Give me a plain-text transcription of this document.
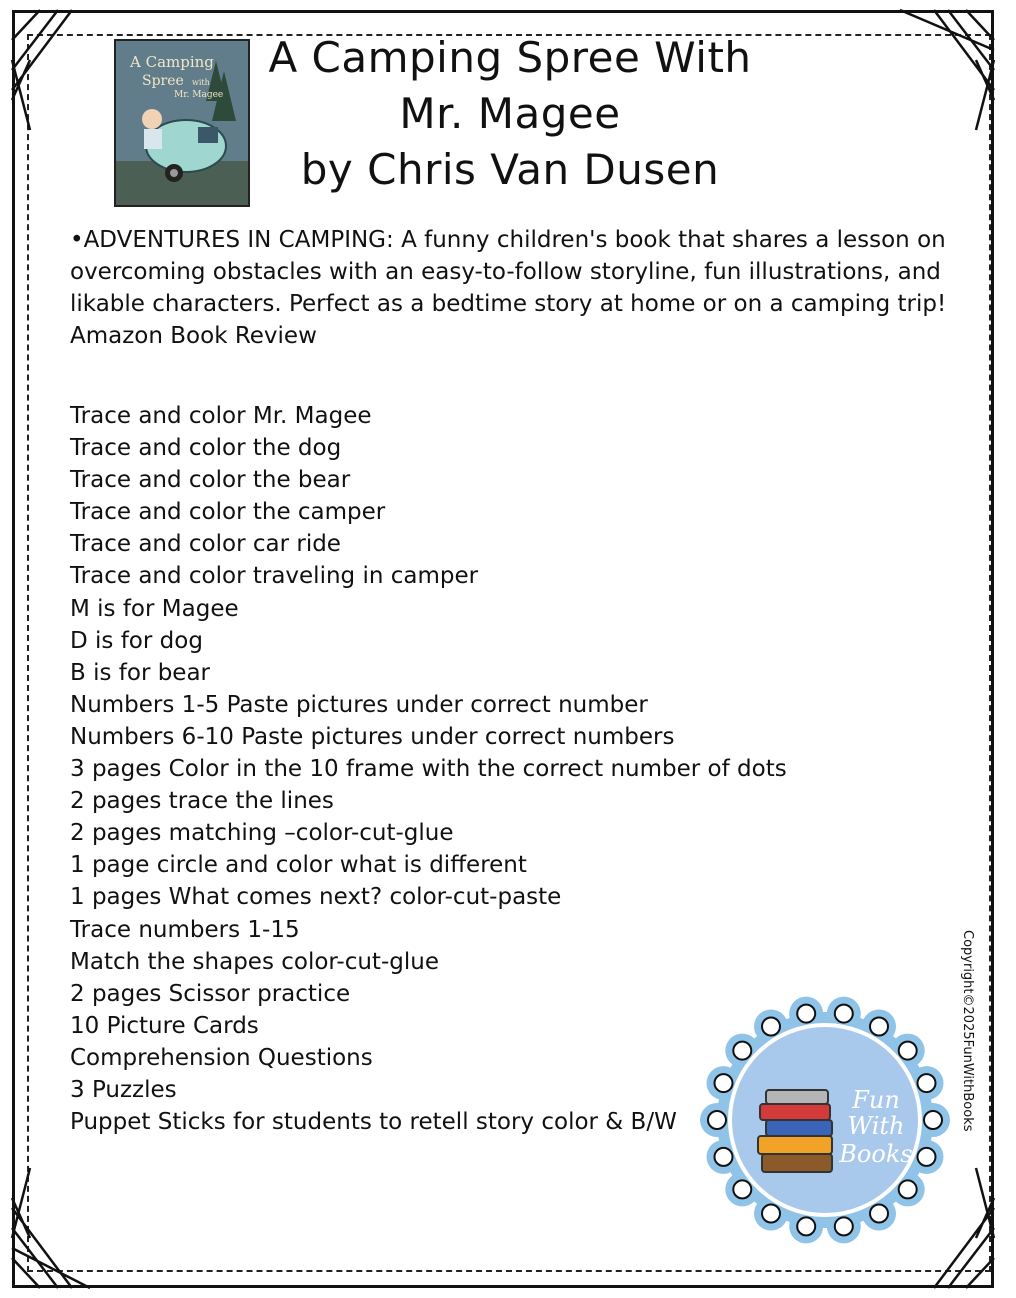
A Camping
Spree with
Mr. Magee
A Camping Spree With
Mr. Magee
by Chris Van Dusen
•ADVENTURES IN CAMPING: A funny children's book that shares a lesson on overcoming obstacles with an easy-to-follow storyline, fun illustrations, and likable characters. Perfect as a bedtime story at home or on a camping trip! Amazon Book Review
Trace and color Mr. Magee
Trace and color the dog
Trace and color the bear
Trace and color the camper
Trace and color car ride
Trace and color traveling in camper
M is for Magee
D is for dog
B is for bear
Numbers 1-5 Paste pictures under correct number
Numbers 6-10 Paste pictures under correct numbers
3 pages Color in the 10 frame with the correct number of dots
2 pages trace the lines
2 pages matching –color-cut-glue
1 page circle and color what is different
1 pages What comes next? color-cut-paste
Trace numbers 1-15
Match the shapes color-cut-glue
2 pages Scissor practice
10 Picture Cards
Comprehension Questions
3 Puzzles
Puppet Sticks for students to retell story color & B/W	Copyright©2025FunWithBooks
Fun
With
Books
